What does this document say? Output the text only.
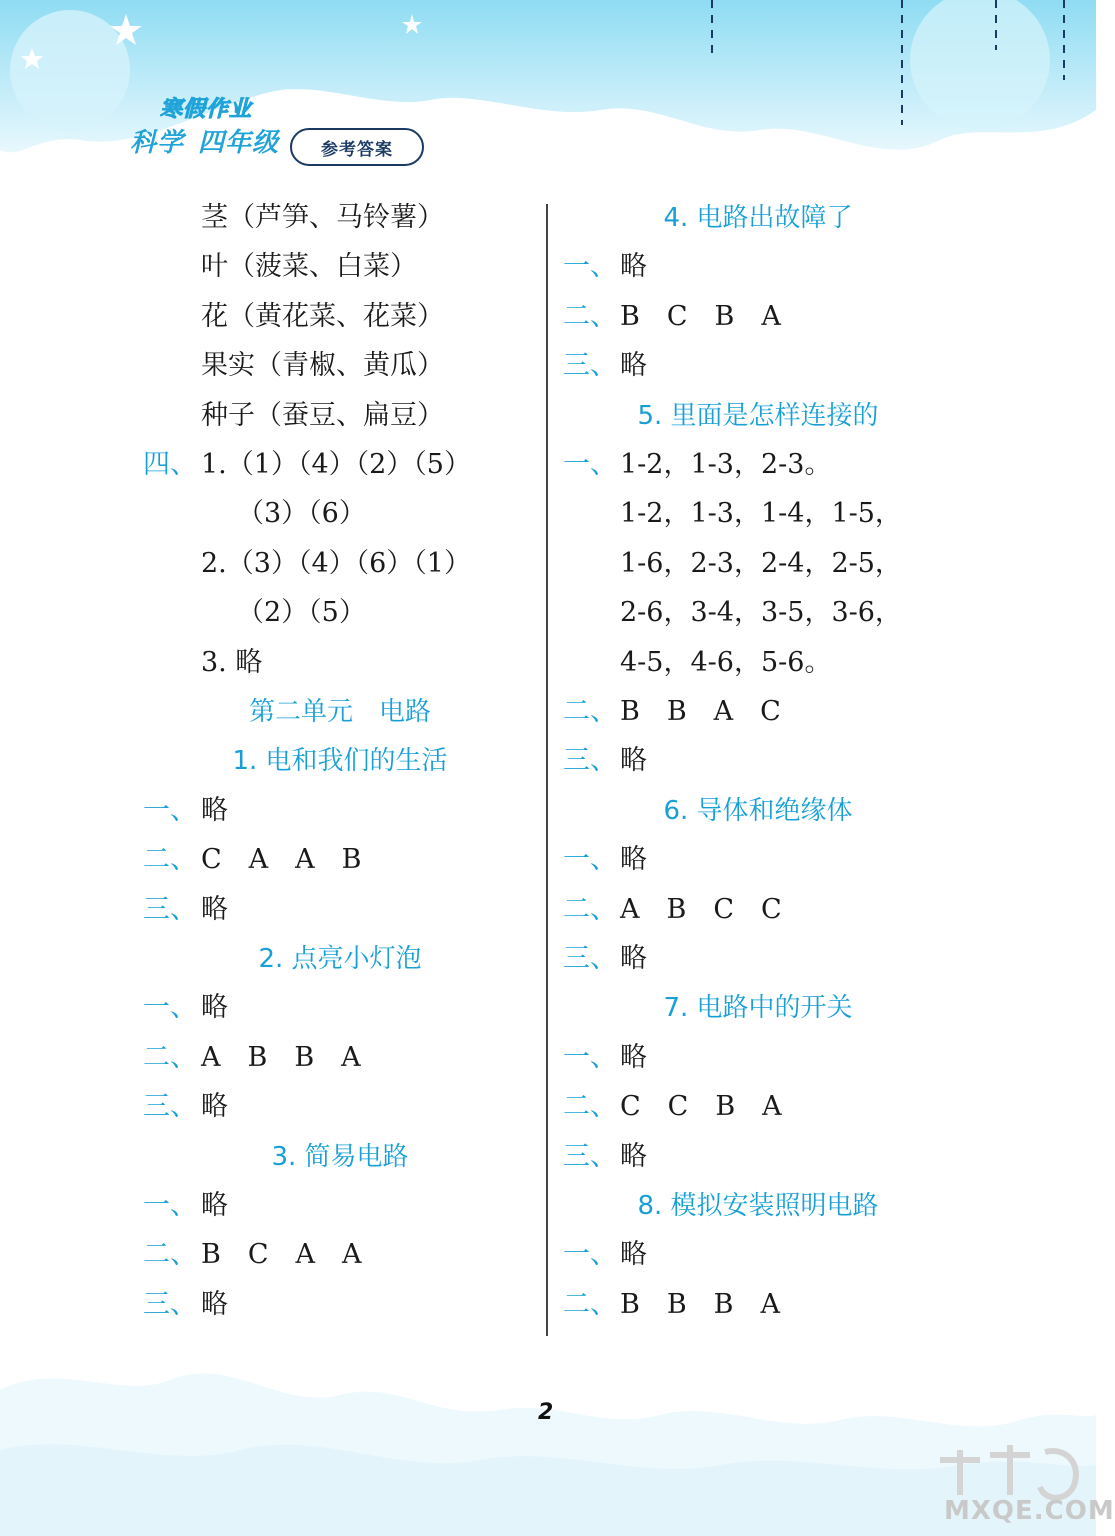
寒假作业
科学 四年级	参考答案
茎（芦笋、马铃薯）
叶（菠菜、白菜）
花（黄花菜、花菜）
果实（青椒、黄瓜）
种子（蚕豆、扁豆）
四、 1.（1）（4）（2）（5）
（3）（6）
2.（3）（4）（6）（1）
（2）（5）
3. 略
第二单元　电路
1. 电和我们的生活
一、 略
二、 C　A　A　B
三、 略
2. 点亮小灯泡
一、 略
二、 A　B　B　A
三、 略
3. 简易电路
一、 略
二、 B　C　A　A
三、 略
4. 电路出故障了
一、 略
二、 B　C　B　A
三、 略
5. 里面是怎样连接的
一、 1-2，1-3，2-3。
1-2，1-3，1-4，1-5，
1-6，2-3，2-4，2-5，
2-6，3-4，3-5，3-6，
4-5，4-6，5-6。
二、 B　B　A　C
三、 略
6. 导体和绝缘体
一、 略
二、 A　B　C　C
三、 略
7. 电路中的开关
一、 略
二、 C　C　B　A
三、 略
8. 模拟安装照明电路
一、 略
二、 B　B　B　A
2
MXQE.COM
